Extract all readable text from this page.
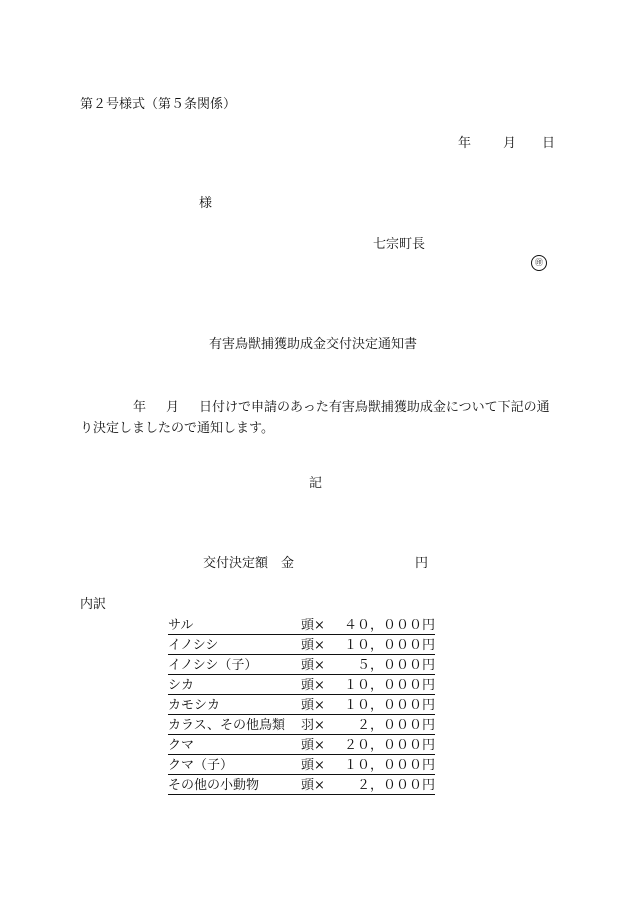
第２号様式（第５条関係）
年 月 日
様
七宗町長
㊞
有害鳥獣捕獲助成金交付決定通知書
年 月 日付けで申請のあった有害鳥獣捕獲助成金について下記の通り決定しましたので通知します。
記
交付決定額　金	円
内訳
サル	頭× ４０，０００円
イノシシ	頭× １０，０００円
イノシシ（子）	頭× ５，０００円
シカ	頭× １０，０００円
カモシカ	頭× １０，０００円
カラス、その他鳥類 羽× ２，０００円
クマ	頭× ２０，０００円
クマ（子）	頭× １０，０００円
その他の小動物	頭× ２，０００円
